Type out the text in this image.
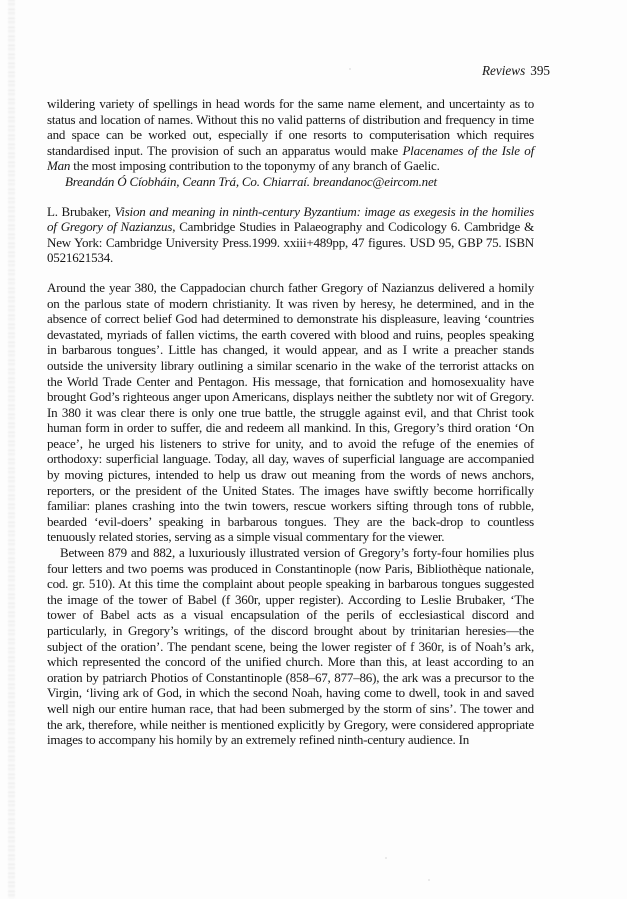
Reviews 395

wildering variety of spellings in head words for the same name element, and uncertainty as to status and location of names. Without this no valid patterns of distribution and frequency in time and space can be worked out, especially if one resorts to computerisation which requires standardised input. The provision of such an apparatus would make Placenames of the Isle of Man the most imposing contribution to the toponymy of any branch of Gaelic.

Breandán Ó Cíobháin, Ceann Trá, Co. Chiarraí. breandanoc@eircom.net

L. Brubaker, Vision and meaning in ninth-century Byzantium: image as exegesis in the homilies of Gregory of Nazianzus, Cambridge Studies in Palaeography and Codicology 6. Cambridge & New York: Cambridge University Press.1999. xxiii+489pp, 47 figures. USD 95, GBP 75. ISBN 0521621534.

Around the year 380, the Cappadocian church father Gregory of Nazianzus delivered a homily on the parlous state of modern christianity. It was riven by heresy, he determined, and in the absence of correct belief God had determined to demonstrate his displeasure, leaving ‘countries devastated, myriads of fallen victims, the earth covered with blood and ruins, peoples speaking in barbarous tongues’. Little has changed, it would appear, and as I write a preacher stands outside the university library outlining a similar scenario in the wake of the terrorist attacks on the World Trade Center and Pentagon. His message, that fornication and homosexuality have brought God’s righteous anger upon Americans, displays neither the subtlety nor wit of Gregory. In 380 it was clear there is only one true battle, the struggle against evil, and that Christ took human form in order to suffer, die and redeem all mankind. In this, Gregory’s third oration ‘On peace’, he urged his listeners to strive for unity, and to avoid the refuge of the enemies of orthodoxy: superficial language. Today, all day, waves of superficial language are accompanied by moving pictures, intended to help us draw out meaning from the words of news anchors, reporters, or the president of the United States. The images have swiftly become horrifically familiar: planes crashing into the twin towers, rescue workers sifting through tons of rubble, bearded ‘evil-doers’ speaking in barbarous tongues. They are the back-drop to countless tenuously related stories, serving as a simple visual commentary for the viewer.

Between 879 and 882, a luxuriously illustrated version of Gregory’s forty-four homilies plus four letters and two poems was produced in Constantinople (now Paris, Bibliothèque nationale, cod. gr. 510). At this time the complaint about people speaking in barbarous tongues suggested the image of the tower of Babel (f 360r, upper register). According to Leslie Brubaker, ‘The tower of Babel acts as a visual encapsulation of the perils of ecclesiastical discord and particularly, in Gregory’s writings, of the discord brought about by trinitarian heresies—the subject of the oration’. The pendant scene, being the lower register of f 360r, is of Noah’s ark, which represented the concord of the unified church. More than this, at least according to an oration by patriarch Photios of Constantinople (858–67, 877–86), the ark was a precursor to the Virgin, ‘living ark of God, in which the second Noah, having come to dwell, took in and saved well nigh our entire human race, that had been submerged by the storm of sins’. The tower and the ark, therefore, while neither is mentioned explicitly by Gregory, were considered appropriate images to accompany his homily by an extremely refined ninth-century audience. In
